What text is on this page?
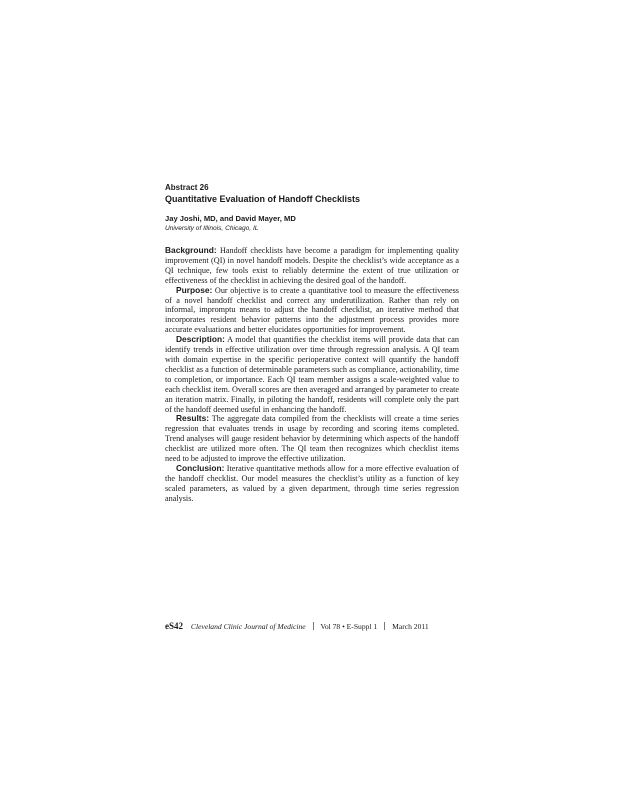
Abstract 26
Quantitative Evaluation of Handoff Checklists
Jay Joshi, MD, and David Mayer, MD
University of Illinois, Chicago, IL

Background: Handoff checklists have become a paradigm for implementing quality improvement (QI) in novel handoff models. Despite the checklist’s wide acceptance as a QI technique, few tools exist to reliably determine the extent of true utilization or effectiveness of the checklist in achieving the desired goal of the handoff.

Purpose: Our objective is to create a quantitative tool to measure the effectiveness of a novel handoff checklist and correct any underutilization. Rather than rely on informal, impromptu means to adjust the handoff checklist, an iterative method that incorporates resident behavior patterns into the adjustment process provides more accurate evaluations and better elucidates opportunities for improvement.

Description: A model that quantifies the checklist items will provide data that can identify trends in effective utilization over time through regression analysis. A QI team with domain expertise in the specific perioperative context will quantify the handoff checklist as a function of determinable parameters such as compliance, actionability, time to completion, or importance. Each QI team member assigns a scale-weighted value to each checklist item. Overall scores are then averaged and arranged by parameter to create an iteration matrix. Finally, in piloting the handoff, residents will complete only the part of the handoff deemed useful in enhancing the handoff.

Results: The aggregate data compiled from the checklists will create a time series regression that evaluates trends in usage by recording and scoring items completed. Trend analyses will gauge resident behavior by determining which aspects of the handoff checklist are utilized more often. The QI team then recognizes which checklist items need to be adjusted to improve the effective utilization.

Conclusion: Iterative quantitative methods allow for a more effective evaluation of the handoff checklist. Our model measures the checklist’s utility as a function of key scaled parameters, as valued by a given department, through time series regression analysis.

eS42 Cleveland Clinic Journal of Medicine Vol 78 • E-Suppl 1 March 2011
